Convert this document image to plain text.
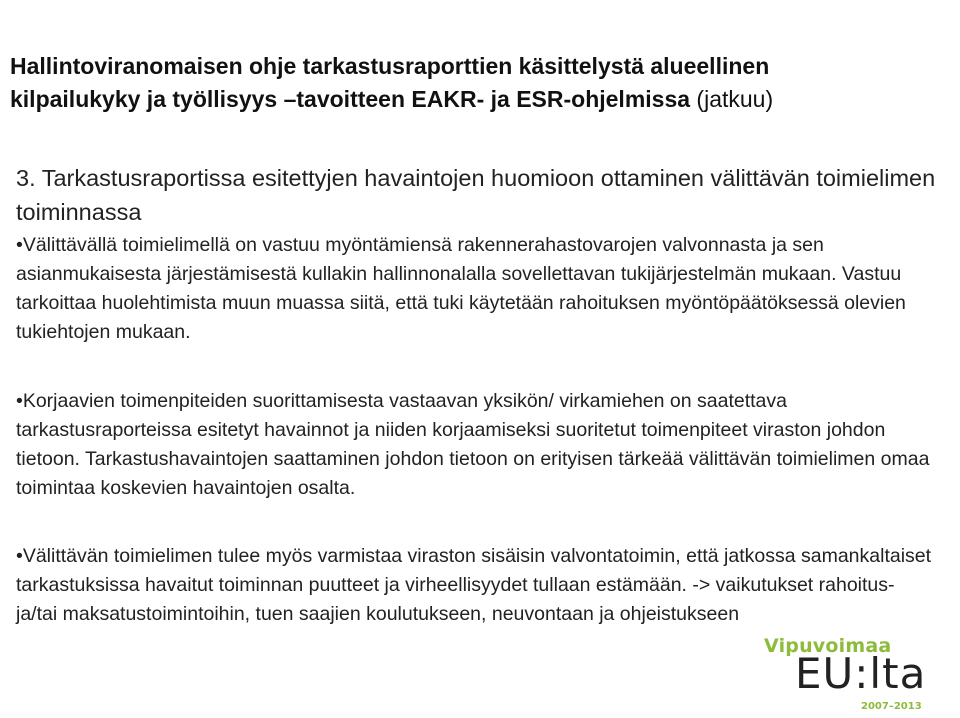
Hallintoviranomaisen ohje tarkastusraporttien käsittelystä alueellinen
kilpailukyky ja työllisyys –tavoitteen EAKR- ja ESR-ohjelmissa (jatkuu)
3. Tarkastusraportissa esitettyjen havaintojen huomioon ottaminen välittävän toimielimen toiminnassa
•Välittävällä toimielimellä on vastuu myöntämiensä rakennerahastovarojen valvonnasta ja sen asianmukaisesta järjestämisestä kullakin hallinnonalalla sovellettavan tukijärjestelmän mukaan. Vastuu tarkoittaa huolehtimista muun muassa siitä, että tuki käytetään rahoituksen myöntöpäätöksessä olevien tukiehtojen mukaan.
•Korjaavien toimenpiteiden suorittamisesta vastaavan yksikön/ virkamiehen on saatettava tarkastusraporteissa esitetyt havainnot ja niiden korjaamiseksi suoritetut toimenpiteet viraston johdon tietoon. Tarkastushavaintojen saattaminen johdon tietoon on erityisen tärkeää välittävän toimielimen omaa toimintaa koskevien havaintojen osalta.
•Välittävän toimielimen tulee myös varmistaa viraston sisäisin valvontatoimin, että jatkossa samankaltaiset tarkastuksissa havaitut toiminnan puutteet ja virheellisyydet tullaan estämään. -> vaikutukset rahoitus- ja/tai maksatustoimintoihin, tuen saajien koulutukseen, neuvontaan ja ohjeistukseen
Vipuvoimaa
EU:lta
2007–2013
